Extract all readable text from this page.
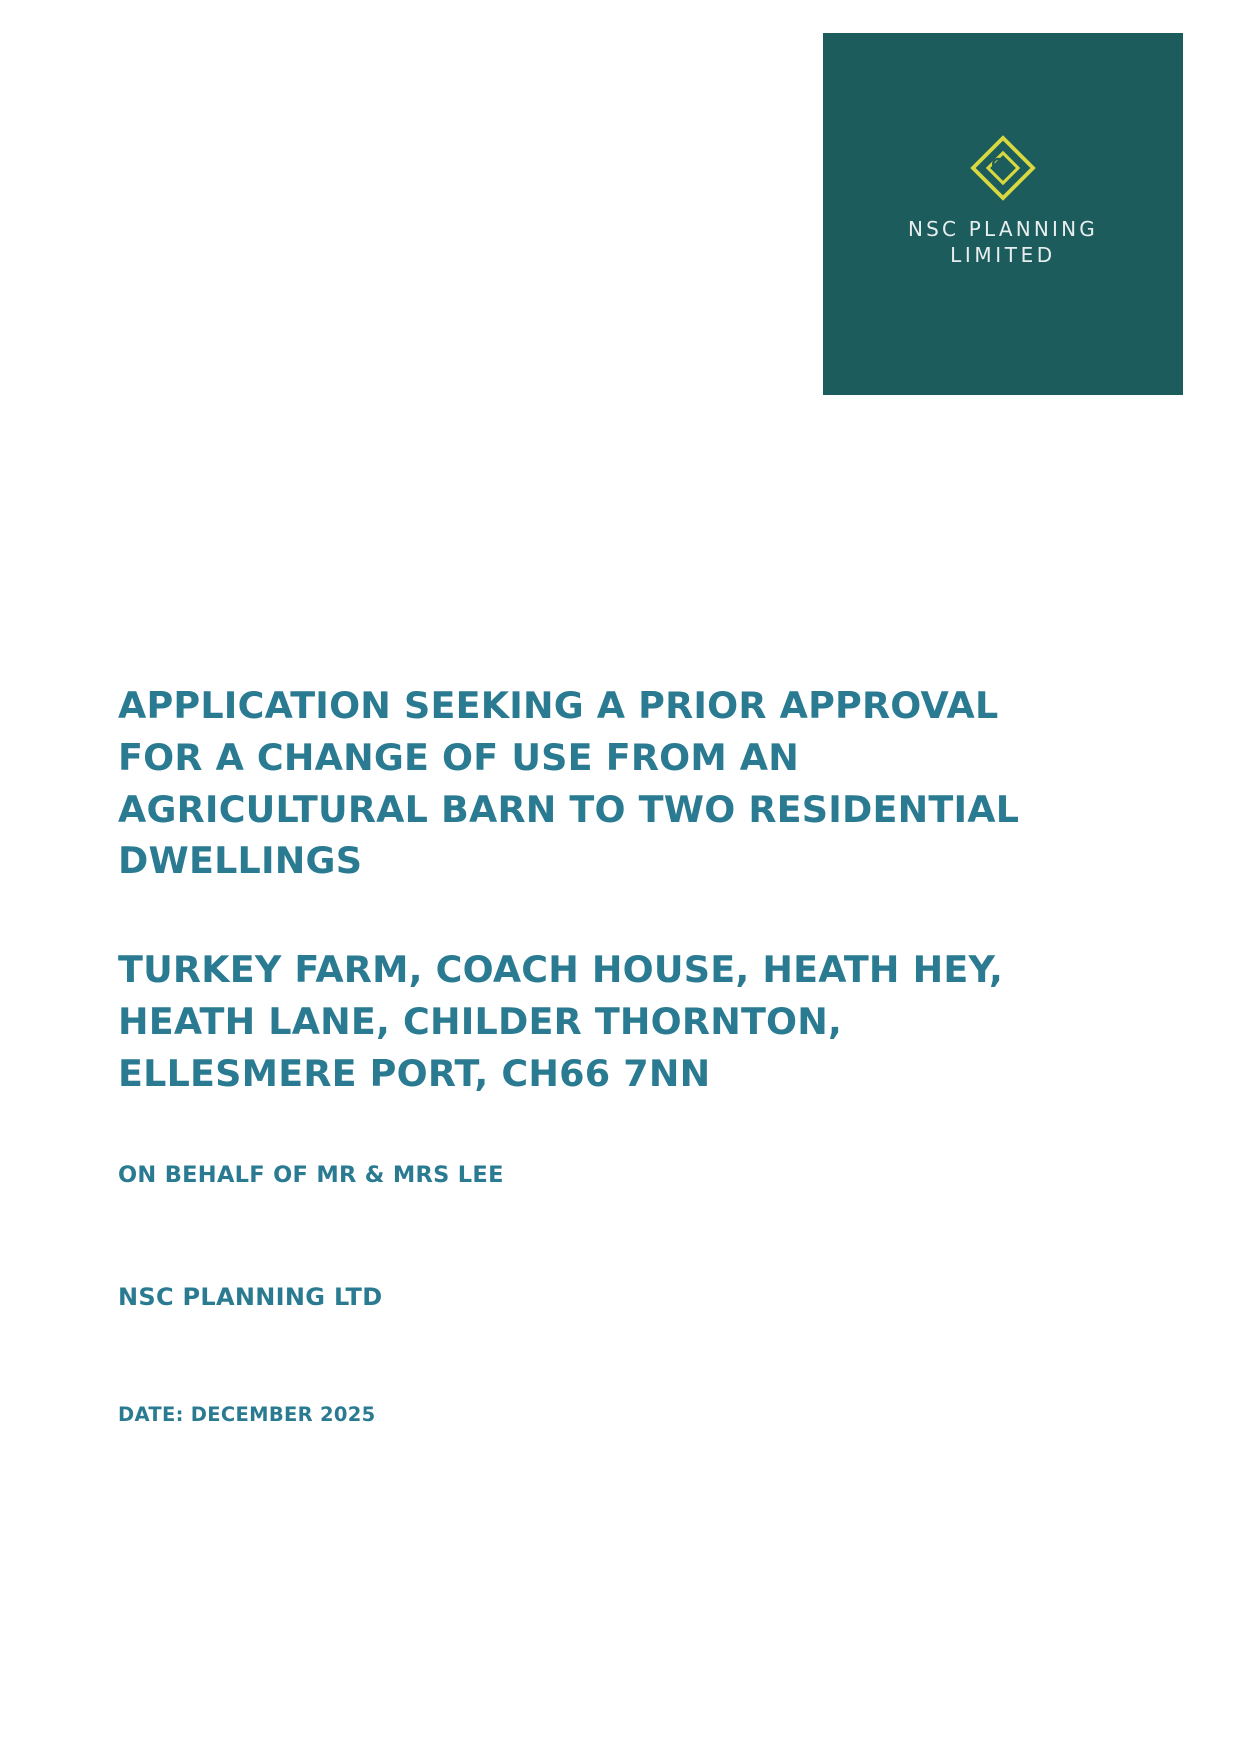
NSC PLANNING
LIMITED
APPLICATION SEEKING A PRIOR APPROVAL FOR A CHANGE OF USE FROM AN AGRICULTURAL BARN TO TWO RESIDENTIAL DWELLINGS
TURKEY FARM, COACH HOUSE, HEATH HEY, HEATH LANE, CHILDER THORNTON, ELLESMERE PORT, CH66 7NN

ON BEHALF OF MR & MRS LEE

NSC PLANNING LTD

DATE: DECEMBER 2025
